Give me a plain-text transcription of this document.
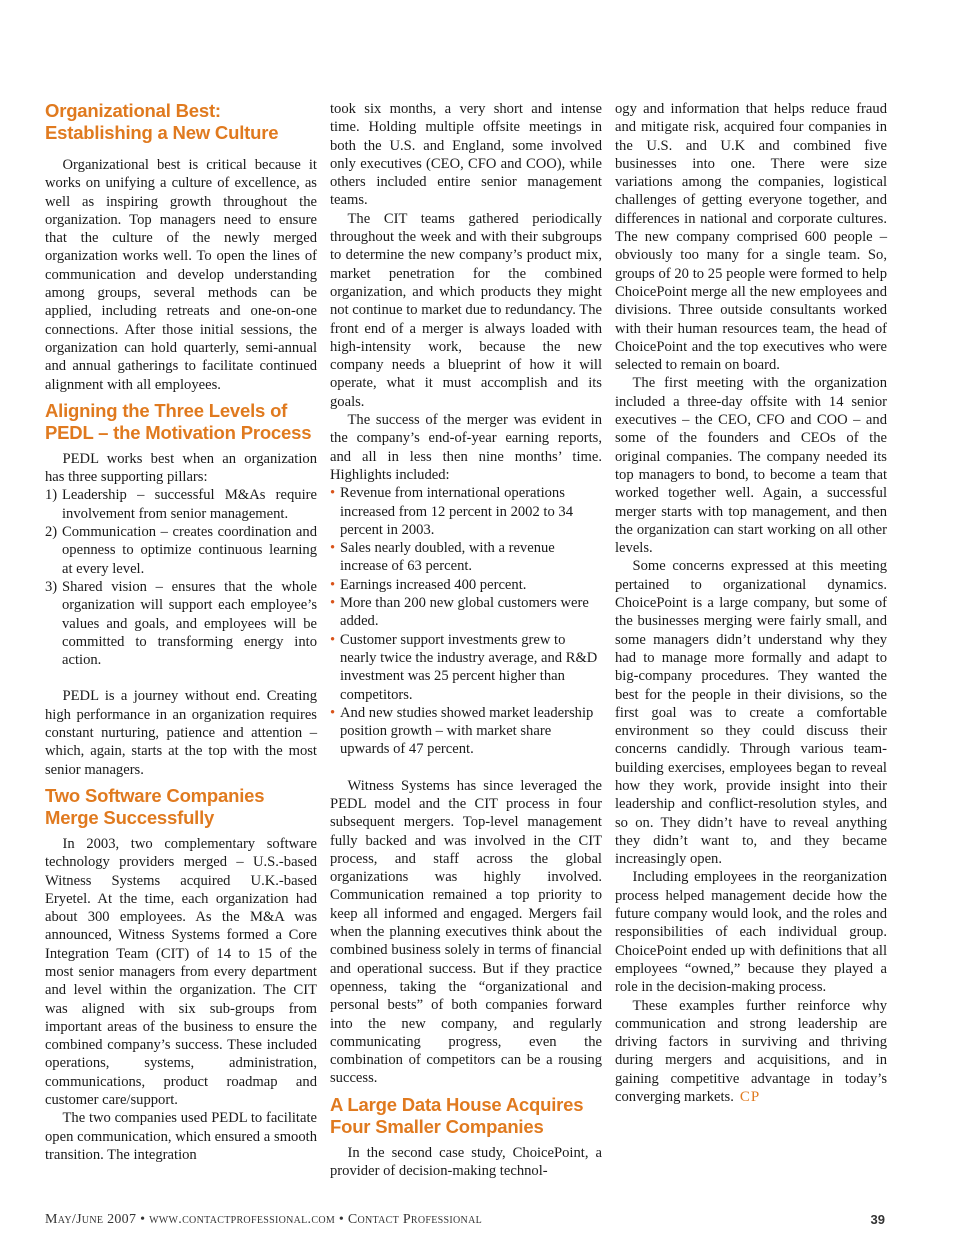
Organizational Best: Establishing a New Culture

Organizational best is critical because it works on unifying a culture of excellence, as well as inspiring growth throughout the organization. Top managers need to ensure that the culture of the newly merged organization works well. To open the lines of communication and develop understanding among groups, several methods can be applied, including retreats and one-on-one connections. After those initial sessions, the organization can hold quarterly, semi-annual and annual gatherings to facilitate continued alignment with all employees.

Aligning the Three Levels of PEDL – the Motivation Process

PEDL works best when an organization has three supporting pillars:

1) Leadership – successful M&As require involvement from senior management.
2) Communication – creates coordination and openness to optimize continuous learning at every level.
3) Shared vision – ensures that the whole organization will support each employee’s values and goals, and employees will be committed to transforming energy into action.

PEDL is a journey without end. Creating high performance in an organization requires constant nurturing, patience and attention – which, again, starts at the top with the most senior managers.

Two Software Companies Merge Successfully

In 2003, two complementary software technology providers merged – U.S.-based Witness Systems acquired U.K.-based Eryetel. At the time, each organization had about 300 employees. As the M&A was announced, Witness Systems formed a Core Integration Team (CIT) of 14 to 15 of the most senior managers from every department and level within the organization. The CIT was aligned with six sub-groups from important areas of the business to ensure the combined company’s success. These included operations, systems, administration, communications, product roadmap and customer care/support.

The two companies used PEDL to facilitate open communication, which ensured a smooth transition. The integration

took six months, a very short and intense time. Holding multiple offsite meetings in both the U.S. and England, some involved only executives (CEO, CFO and COO), while others included entire senior management teams.

The CIT teams gathered periodically throughout the week and with their subgroups to determine the new company’s product mix, market penetration for the combined organization, and which products they might not continue to market due to redundancy. The front end of a merger is always loaded with high-intensity work, because the new company needs a blueprint of how it will operate, what it must accomplish and its goals.

The success of the merger was evident in the company’s end-of-year earning reports, and all in less then nine months’ time. Highlights included:

• Revenue from international operations increased from 12 percent in 2002 to 34 percent in 2003.
• Sales nearly doubled, with a revenue increase of 63 percent.
• Earnings increased 400 percent.
• More than 200 new global customers were added.
• Customer support investments grew to nearly twice the industry average, and R&D investment was 25 percent higher than competitors.
• And new studies showed market leadership position growth – with market share upwards of 47 percent.

Witness Systems has since leveraged the PEDL model and the CIT process in four subsequent mergers. Top-level management fully backed and was involved in the CIT process, and staff across the global organizations was highly involved. Communication remained a top priority to keep all informed and engaged. Mergers fail when the planning executives think about the combined business solely in terms of financial and operational success. But if they practice openness, taking the “organizational and personal bests” of both companies forward into the new company, and regularly communicating progress, even the combination of competitors can be a rousing success.

A Large Data House Acquires Four Smaller Companies

In the second case study, ChoicePoint, a provider of decision-making technol-

ogy and information that helps reduce fraud and mitigate risk, acquired four companies in the U.S. and U.K and combined five businesses into one. There were size variations among the companies, logistical challenges of getting everyone together, and differences in national and corporate cultures. The new company comprised 600 people – obviously too many for a single team. So, groups of 20 to 25 people were formed to help ChoicePoint merge all the new employees and divisions. Three outside consultants worked with their human resources team, the head of ChoicePoint and the top executives who were selected to remain on board.

The first meeting with the organization included a three-day offsite with 14 senior executives – the CEO, CFO and COO – and some of the founders and CEOs of the original companies. The company needed its top managers to bond, to become a team that worked together well. Again, a successful merger starts with top management, and then the organization can start working on all other levels.

Some concerns expressed at this meeting pertained to organizational dynamics. ChoicePoint is a large company, but some of the businesses merging were fairly small, and some managers didn’t understand why they had to manage more formally and adapt to big-company procedures. They wanted the best for the people in their divisions, so the first goal was to create a comfortable environment so they could discuss their concerns candidly. Through various team-building exercises, employees began to reveal how they work, provide insight into their leadership and conflict-resolution styles, and so on. They didn’t have to reveal anything they didn’t want to, and they became increasingly open.

Including employees in the reorganization process helped management decide how the future company would look, and the roles and responsibilities of each individual group. ChoicePoint ended up with definitions that all employees “owned,” because they played a role in the decision-making process.

These examples further reinforce why communication and strong leadership are driving factors in surviving and thriving during mergers and acquisitions, and in gaining competitive advantage in today’s converging markets. CP

May/June 2007 • www.contactprofessional.com • Contact Professional	39
